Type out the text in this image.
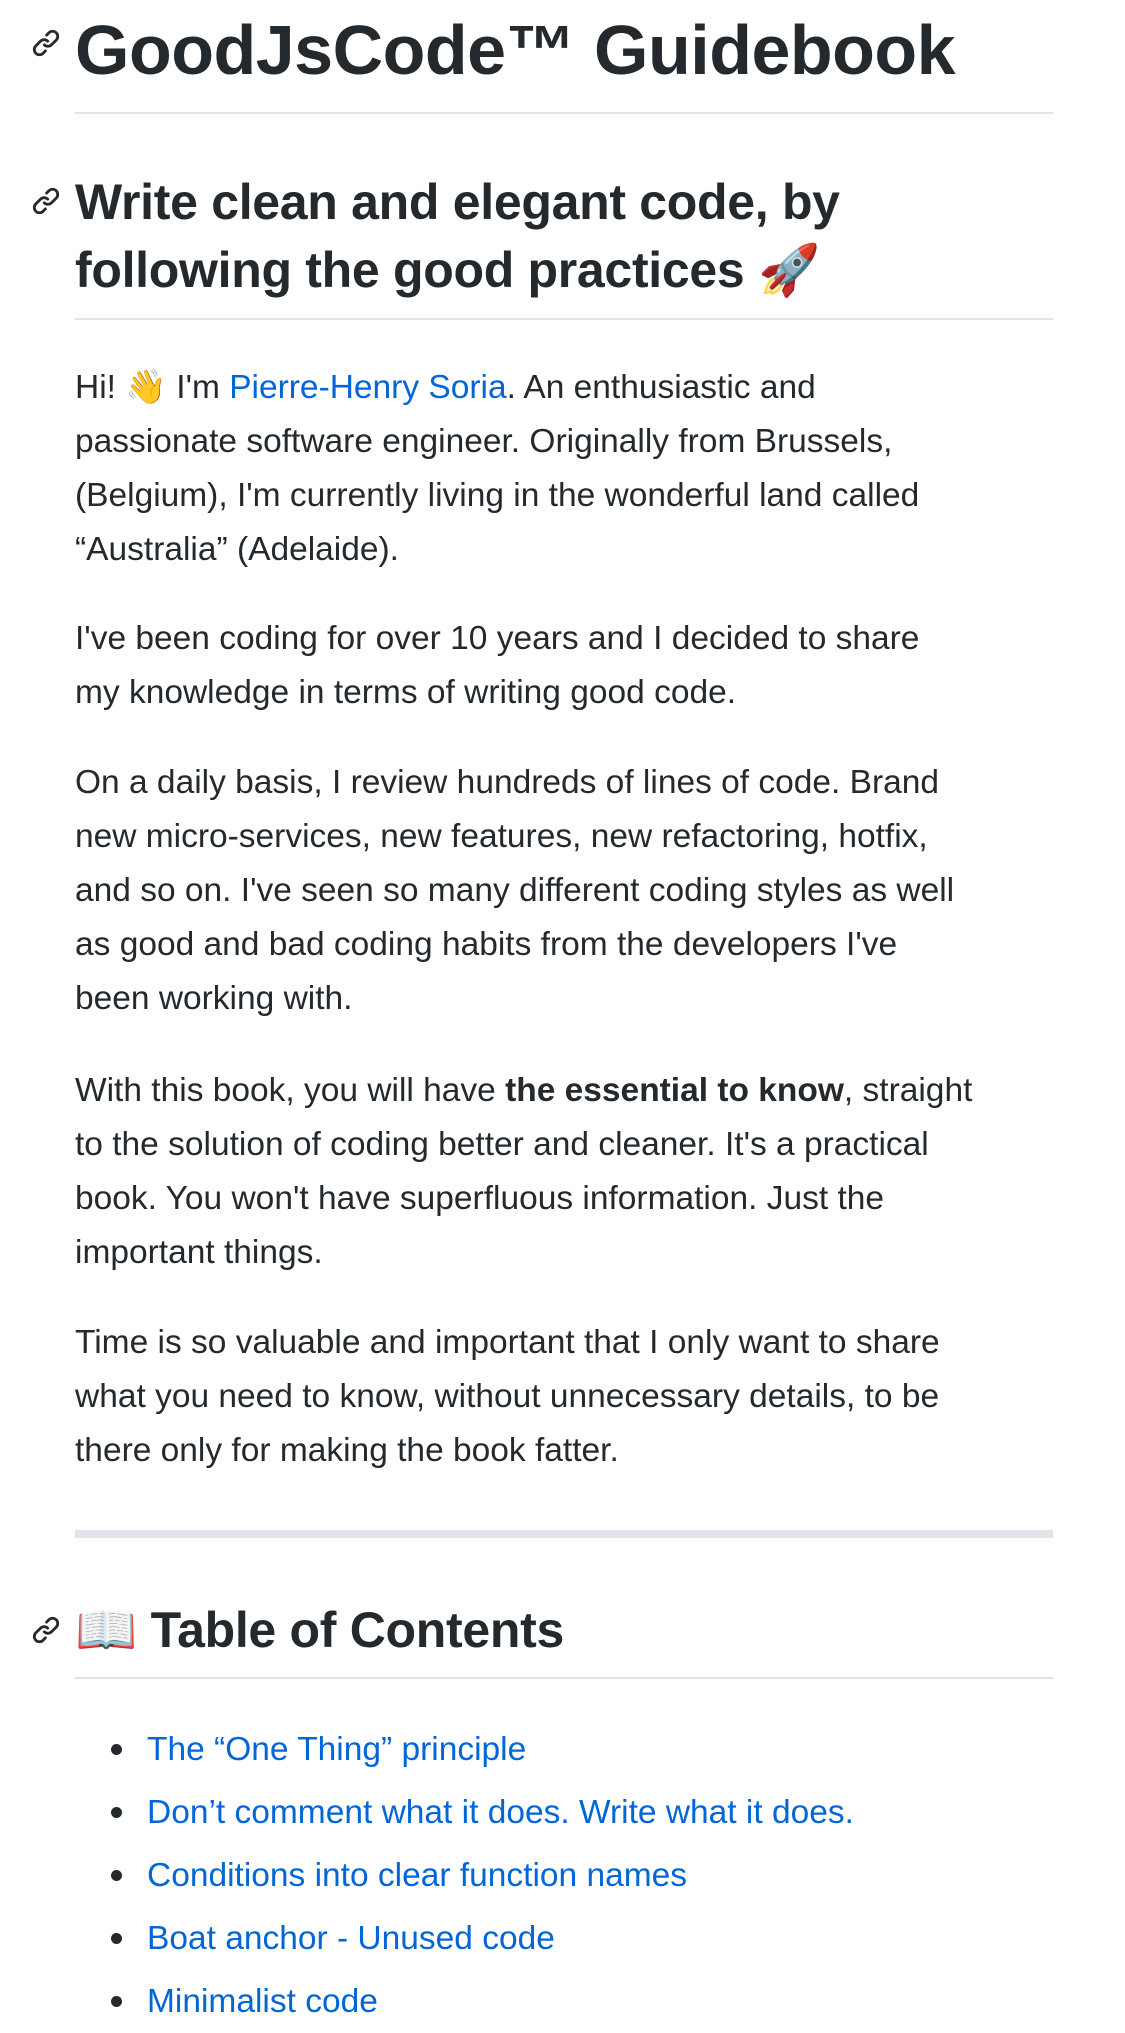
GoodJsCode™ Guidebook
Write clean and elegant code, by
following the good practices 🚀

Hi! 👋 I'm Pierre-Henry Soria. An enthusiastic and
passionate software engineer. Originally from Brussels,
(Belgium), I'm currently living in the wonderful land called
“Australia” (Adelaide).

I've been coding for over 10 years and I decided to share
my knowledge in terms of writing good code.

On a daily basis, I review hundreds of lines of code. Brand
new micro-services, new features, new refactoring, hotfix,
and so on. I've seen so many different coding styles as well
as good and bad coding habits from the developers I've
been working with.

With this book, you will have the essential to know, straight
to the solution of coding better and cleaner. It's a practical
book. You won't have superfluous information. Just the
important things.

Time is so valuable and important that I only want to share
what you need to know, without unnecessary details, to be
there only for making the book fatter.

📖 Table of Contents
The “One Thing” principle
Don’t comment what it does. Write what it does.
Conditions into clear function names
Boat anchor - Unused code
Minimalist code
